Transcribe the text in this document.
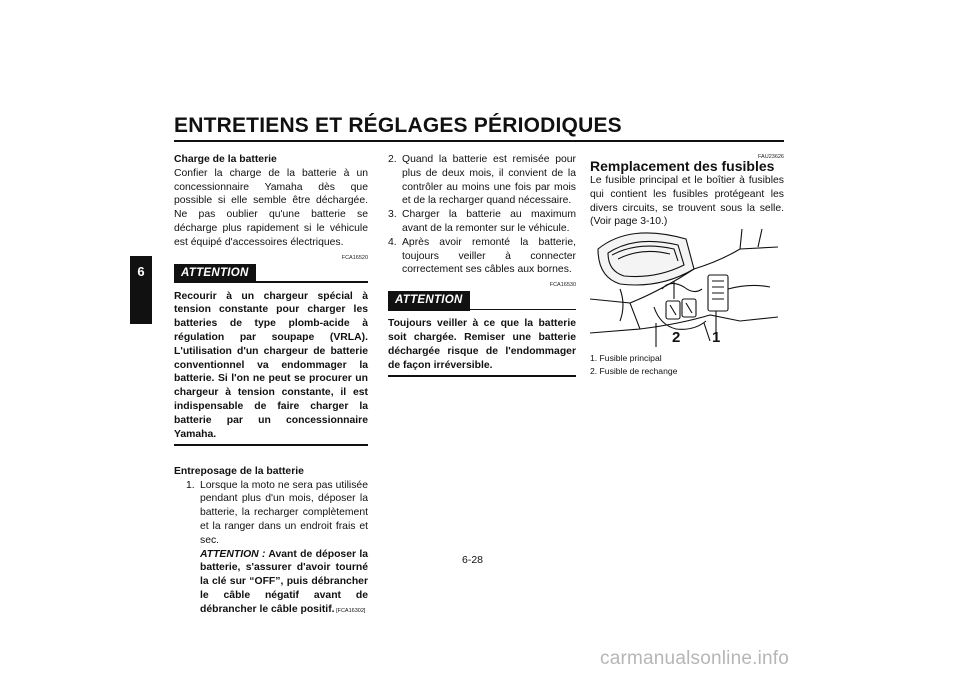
ENTRETIENS ET RÉGLAGES PÉRIODIQUES
6
Charge de la batterie
Confier la charge de la batterie à un concessionnaire Yamaha dès que possible si elle semble être déchargée. Ne pas oublier qu'une batterie se décharge plus rapidement si le véhicule est équipé d'accessoires électriques.
FCA16520
ATTENTION
Recourir à un chargeur spécial à tension constante pour charger les batteries de type plomb-acide à régulation par soupape (VRLA). L'utilisation d'un chargeur de batterie conventionnel va endommager la batterie. Si l'on ne peut se procurer un chargeur à tension constante, il est indispensable de faire charger la batterie par un concessionnaire Yamaha.
Entreposage de la batterie
1. Lorsque la moto ne sera pas utilisée pendant plus d'un mois, déposer la batterie, la recharger complètement et la ranger dans un endroit frais et sec.
ATTENTION : Avant de déposer la batterie, s'assurer d'avoir tourné la clé sur “OFF”, puis débrancher le câble négatif avant de débrancher le câble positif. [FCA16302]
2. Quand la batterie est remisée pour plus de deux mois, il convient de la contrôler au moins une fois par mois et de la recharger quand nécessaire.
3. Charger la batterie au maximum avant de la remonter sur le véhicule.
4. Après avoir remonté la batterie, toujours veiller à connecter correctement ses câbles aux bornes.
FCA16530
ATTENTION
Toujours veiller à ce que la batterie soit chargée. Remiser une batterie déchargée risque de l'endommager de façon irréversible.
FAU23626
Remplacement des fusibles
Le fusible principal et le boîtier à fusibles qui contient les fusibles protégeant les divers circuits, se trouvent sous la selle. (Voir page 3-10.)
2 1
1. Fusible principal
2. Fusible de rechange
6-28
carmanualsonline.info
